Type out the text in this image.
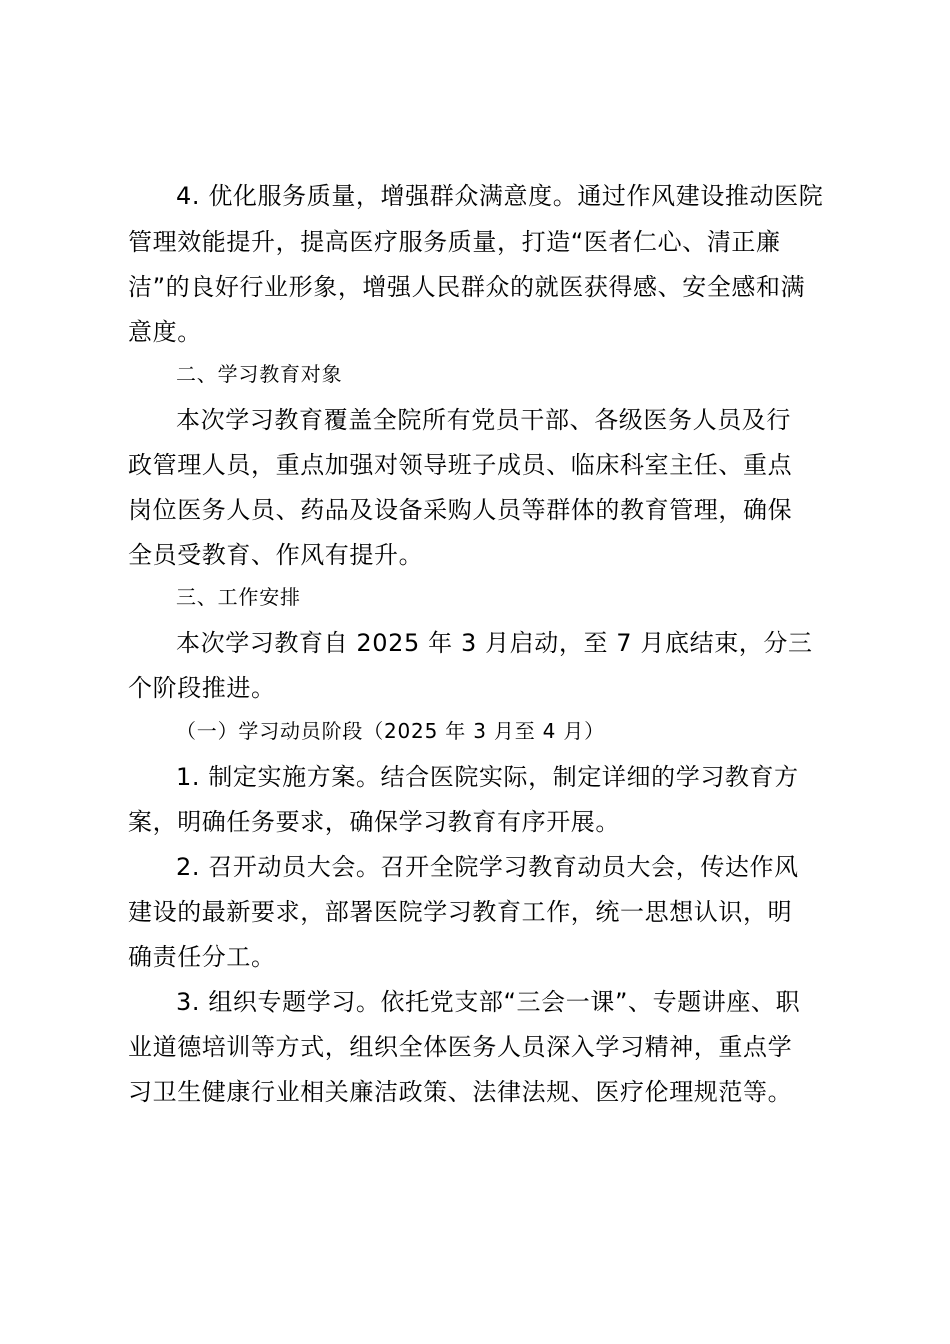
4. 优化服务质量，增强群众满意度。通过作风建设推动医院
管理效能提升，提高医疗服务质量，打造“医者仁心、清正廉
洁”的良好行业形象，增强人民群众的就医获得感、安全感和满
意度。
二、学习教育对象
本次学习教育覆盖全院所有党员干部、各级医务人员及行
政管理人员，重点加强对领导班子成员、临床科室主任、重点
岗位医务人员、药品及设备采购人员等群体的教育管理，确保
全员受教育、作风有提升。
三、工作安排
本次学习教育自 2025 年 3 月启动，至 7 月底结束，分三
个阶段推进。
（一）学习动员阶段（2025 年 3 月至 4 月）
1. 制定实施方案。结合医院实际，制定详细的学习教育方
案，明确任务要求，确保学习教育有序开展。
2. 召开动员大会。召开全院学习教育动员大会，传达作风
建设的最新要求，部署医院学习教育工作，统一思想认识，明
确责任分工。
3. 组织专题学习。依托党支部“三会一课”、专题讲座、职
业道德培训等方式，组织全体医务人员深入学习精神，重点学
习卫生健康行业相关廉洁政策、法律法规、医疗伦理规范等。
